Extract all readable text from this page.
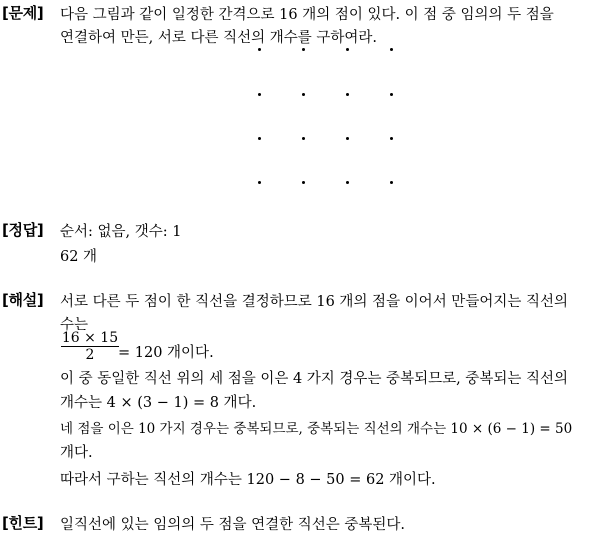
[문제] 다음 그림과 같이 일정한 간격으로 16 개의 점이 있다. 이 점 중 임의의 두 점을
연결하여 만든, 서로 다른 직선의 개수를 구하여라.
[정답] 순서: 없음, 갯수: 1
62 개
[해설] 서로 다른 두 점이 한 직선을 결정하므로 16 개의 점을 이어서 만들어지는 직선의
수는
16 × 15
2	= 120 개이다.
이 중 동일한 직선 위의 세 점을 이은 4 가지 경우는 중복되므로, 중복되는 직선의
개수는 4 × (3 − 1) = 8 개다.
네 점을 이은 10 가지 경우는 중복되므로, 중복되는 직선의 개수는 10 × (6 − 1) = 50
개다.
따라서 구하는 직선의 개수는 120 − 8 − 50 = 62 개이다.
[힌트] 일직선에 있는 임의의 두 점을 연결한 직선은 중복된다.
